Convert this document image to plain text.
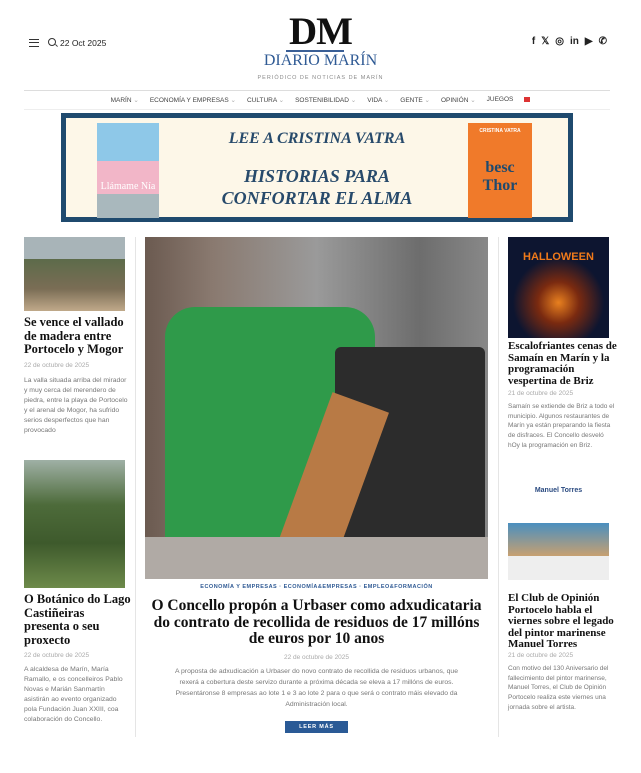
22 Oct 2025	DM
DIARIO MARÍN
PERIÓDICO DE NOTICIAS DE MARÍN
f 𝕏 ◎ in ▶ ✆
MARÍN ⌄	ECONOMÍA Y EMPRESAS ⌄	CULTURA ⌄	SOSTENIBILIDAD ⌄	VIDA ⌄	GENTE ⌄	OPINIÓN ⌄	JUEGOS
Llámame Nía
LEE A CRISTINA VATRA
HISTORIAS PARA
CONFORTAR EL ALMA
CRISTINA VATRA
besc Thor
Se vence el vallado de madera entre Portocelo y Mogor
22 de octubre de 2025
La valla situada arriba del mirador y muy cerca del merendero de piedra, entre la playa de Portocelo y el arenal de Mogor, ha sufrido serios desperfectos que han provocado
O Botánico do Lago Castiñeiras presenta o seu proxecto
22 de octubre de 2025
A alcaldesa de Marín, María Ramallo, e os concelleiros Pablo Novas e Marián Sanmartín asistirán ao evento organizado pola Fundación Juan XXIII, coa colaboración do Concello.
ECONOMÍA Y EMPRESAS · ECONOMÍA&EMPRESAS · EMPLEO&FORMACIÓN
O Concello propón a Urbaser como adxudicataria do contrato de recollida de residuos de 17 millóns de euros por 10 anos
22 de octubre de 2025
A proposta de adxudicación a Urbaser do novo contrato de recollida de residuos urbanos, que rexerá a cobertura deste servizo durante a próxima década se eleva a 17 millóns de euros. Presentáronse 8 empresas ao lote 1 e 3 ao lote 2 para o que será o contrato máis elevado da Administración local.
LEER MÁS
HALLOWEEN
Escalofriantes cenas de Samaín en Marín y la programación vespertina de Briz
21 de octubre de 2025
Samaín se extiende de Briz a todo el municipio. Algunos restaurantes de Marín ya están preparando la fiesta de disfraces. El Concello desveló hOy la programación en Briz.
Manuel Torres
El Club de Opinión Portocelo habla el viernes sobre el legado del pintor marinense Manuel Torres
21 de octubre de 2025
Con motivo del 130 Aniversario del fallecimiento del pintor marinense, Manuel Torres, el Club de Opinión Portocelo realiza este viernes una jornada sobre el artista.
